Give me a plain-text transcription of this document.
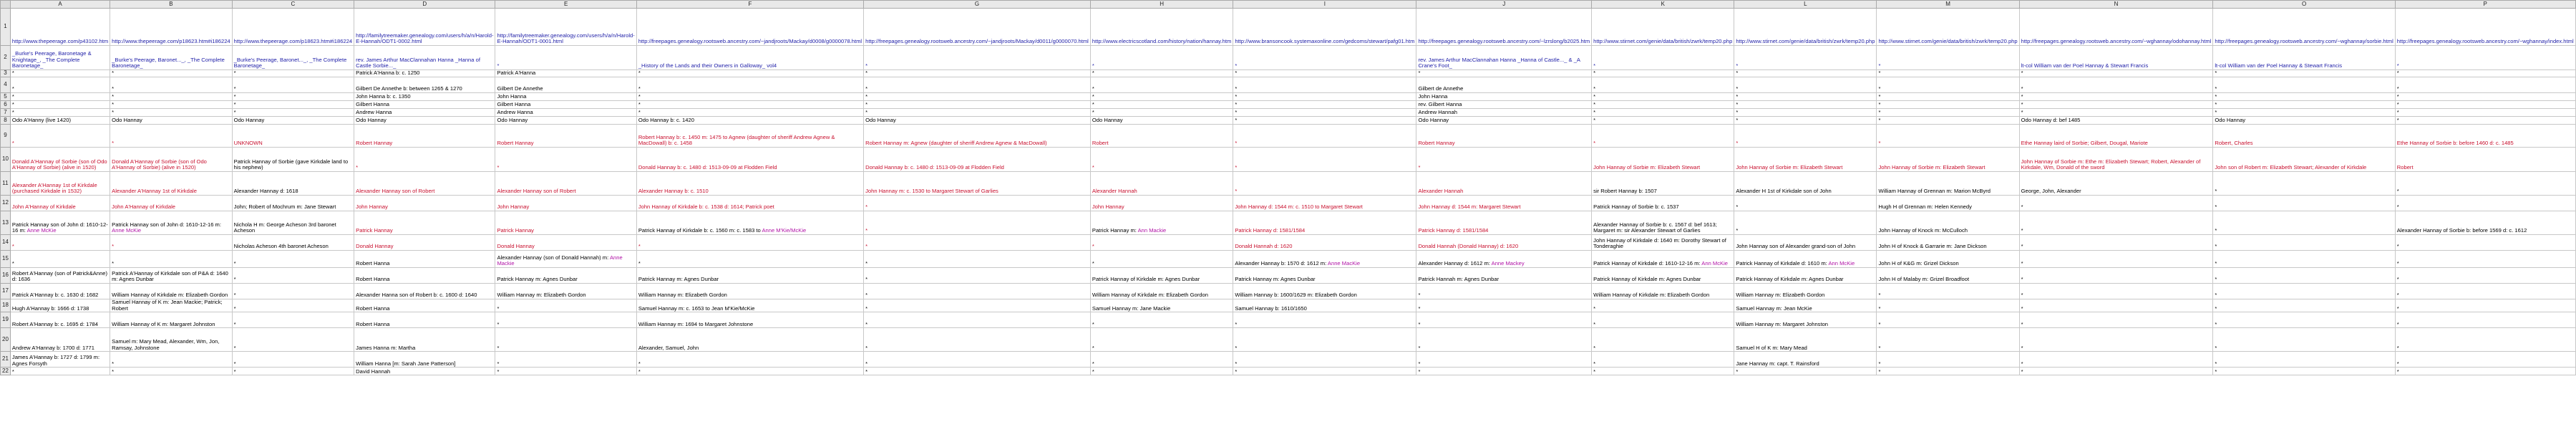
	A	B	C	D	E	F	G	H	I	J	K	L	M	N	O	P
1	http://www.thepeerage.com/p43102.htm	http://www.thepeerage.com/p18623.htm#i186224	http://www.thepeerage.com/p18623.htm#i186224	http://familytreemaker.genealogy.com/users/h/a/n/Harold-E-Hannah/ODT1-0002.html	http://familytreemaker.genealogy.com/users/h/a/n/Harold-E-Hannah/ODT1-0001.html	http://freepages.genealogy.rootsweb.ancestry.com/~jandjroots/Mackay/d0008/g0000078.html	http://freepages.genealogy.rootsweb.ancestry.com/~jandjroots/Mackay/d0011/g0000070.html	http://www.electricscotland.com/history/nation/hannay.htm	http://www.bransoncook.systemaxonline.com/gedcoms/stewart/pafg01.htm	http://freepages.genealogy.rootsweb.ancestry.com/~lzrslong/b2025.htm	http://www.stirnet.com/genie/data/british/zwrk/temp20.php	http://www.stirnet.com/genie/data/british/zwrk/temp20.php	http://www.stirnet.com/genie/data/british/zwrk/temp20.php	http://freepages.genealogy.rootsweb.ancestry.com/~wghannay/odohannay.html	http://freepages.genealogy.rootsweb.ancestry.com/~wghannay/sorbie.html	http://freepages.genealogy.rootsweb.ancestry.com/~wghannay/index.html

2	_Burke's Peerage, Baronetage & Knightage_, _The Complete Baronetage_	_Burke's Peerage, Baronet..._, _The Complete Baronetage_	_Burke's Peerage, Baronet..._, _The Complete Baronetage_	rev. James Arthur MacClannahan Hanna _Hanna of Castle Sorbie..._	*	_History of the Lands and their Owners in Galloway_ vol4	*	*	*	rev. James Arthur MacClannahan Hanna _Hanna of Castle..._ & _A Crane's Foot_	*	*	*	lt-col William van der Poel Hannay & Stewart Francis	lt-col William van der Poel Hannay & Stewart Francis	*

3	*	*	*	Patrick A'Hanna b: c. 1250	Patrick A'Hanna	*	*	*	*	*	*	*	*	*	*	*

4	*	*	*	Gilbert De Annethe b: between 1265 & 1270	Gilbert De Annethe	*	*	*	*	Gilbert de Annethe	*	*	*	*	*	*

5	*	*	*	John Hanna b: c. 1350	John Hanna	*	*	*	*	John Hanna	*	*	*	*	*	*

6	*	*	*	Gilbert Hanna	Gilbert Hanna	*	*	*	*	rev. Gilbert Hanna	*	*	*	*	*	*

7	*	*	*	Andrew Hanna	Andrew Hanna	*	*	*	*	Andrew Hannah	*	*	*	*	*	*

8	Odo A'Hanny (live 1420)	Odo Hannay	Odo Hannay	Odo Hannay	Odo Hannay	Odo Hannay b: c. 1420	Odo Hannay	Odo Hannay	*	Odo Hannay	*	*	*	Odo Hannay d: bef 1485	Odo Hannay	*

9	*	*	UNKNOWN	Robert Hannay	Robert Hannay	Robert Hannay b: c. 1450 m: 1475 to Agnew (daughter of sheriff Andrew Agnew & MacDowall) b: c. 1458	Robert Hannay m: Agnew (daughter of sheriff Andrew Agnew & MacDowall)	Robert	*	Robert Hannay	*	*	*	Ethe Hannay laird of Sorbie; Gilbert, Dougal, Mariote	Robert, Charles	Ethe Hannay of Sorbie b: before 1460 d: c. 1485

10	Donald A'Hannay of Sorbie (son of Odo A'Hannay of Sorbie) (alive in 1520)	Donald A'Hannay of Sorbie (son of Odo A'Hannay of Sorbie) (alive in 1520)	Patrick Hannay of Sorbie (gave Kirkdale land to his nephew)	*	*	Donald Hannay b: c. 1480 d: 1513-09-09 at Flodden Field	Donald Hannay b: c. 1480 d: 1513-09-09 at Flodden Field	*	*	*	John Hannay of Sorbie m: Elizabeth Stewart	John Hannay of Sorbie m: Elizabeth Stewart	John Hannay of Sorbie m: Elizabeth Stewart	John Hannay of Sorbie m: Ethe m: Elizabeth Stewart; Robert, Alexander of Kirkdale, Wm, Donald of the sword	John son of Robert m: Elizabeth Stewart; Alexander of Kirkdale	Robert

11	Alexander A'Hannay 1st of Kirkdale (purchased Kirkdale in 1532)	Alexander A'Hannay 1st of Kirkdale	Alexander Hannay d: 1618	Alexander Hannay son of Robert	Alexander Hannay son of Robert	Alexander Hannay b: c. 1510	John Hannay m: c. 1530 to Margaret Stewart of Garlies	Alexander Hannah	*	Alexander Hannah	sir Robert Hannay b: 1507	Alexander H 1st of Kirkdale son of John	William Hannay of Grennan m: Marion McByrd	George, John, Alexander	*	*

12	John A'Hannay of Kirkdale	John A'Hannay of Kirkdale	John; Robert of Mochrum m: Jane Stewart	John Hannay	John Hannay	John Hannay of Kirkdale b: c. 1538 d: 1614; Patrick poet	*	John Hannay	John Hannay d: 1544 m: c. 1510 to Margaret Stewart	John Hannay d: 1544 m: Margaret Stewart	Patrick Hannay of Sorbie b: c. 1537	*	Hugh H of Grennan m: Helen Kennedy	*	*	*

13	Patrick Hannay son of John d: 1610-12-16 m: Anne McKie	Patrick Hannay son of John d: 1610-12-16 m: Anne McKie	Nichola H m: George Acheson 3rd baronet Acheson	Patrick Hannay	Patrick Hannay	Patrick Hannay of Kirkdale b: c. 1560 m: c. 1583 to Anne M'Kie/McKie	*	Patrick Hannay m: Ann Mackie	Patrick Hannay d: 1581/1584	Patrick Hannay d: 1581/1584	Alexander Hannay of Sorbie b: c. 1567 d: bef 1613; Margaret m: sir Alexander Stewart of Garlies	*	John Hannay of Knock m: McCulloch	*	*	Alexander Hannay of Sorbie b: before 1569 d: c. 1612

14	*	*	Nicholas Acheson 4th baronet Acheson	Donald Hannay	Donald Hannay	*	*	*	Donald Hannah d: 1620	Donald Hannah (Donald Hannay) d: 1620	John Hannay of Kirkdale d: 1640 m: Dorothy Stewart of Tonderaghie	John Hannay son of Alexander grand-son of John	John H of Knock & Garrarie m: Jane Dickson	*	*	*

15	*	*	*	Robert Hanna	Alexander Hannay (son of Donald Hannah) m: Anne Mackie	*	*	*	Alexander Hannay b: 1570 d: 1612 m: Anne MacKie	Alexander Hannay d: 1612 m: Anne Mackey	Patrick Hannay of Kirkdale d: 1610-12-16 m: Ann McKie	Patrick Hannay of Kirkdale d: 1610 m: Ann McKie	John H of K&G m: Grizel Dickson	*	*	*

16	Robert A'Hannay (son of Patrick&Anne) d: 1636	Patrick A'Hannay of Kirkdale son of P&A d: 1640 m: Agnes Dunbar	*	Robert Hanna	Patrick Hannay m: Agnes Dunbar	Patrick Hannay m: Agnes Dunbar	*	Patrick Hannay of Kirkdale m: Agnes Dunbar	Patrick Hannay m: Agnes Dunbar	Patrick Hannah m: Agnes Dunbar	Patrick Hannay of Kirkdale m: Agnes Dunbar	Patrick Hannay of Kirkdale m: Agnes Dunbar	John H of Malaby m: Grizel Broadfoot	*	*	*

17	Patrick A'Hannay b: c. 1630 d: 1682	William Hannay of Kirkdale m: Elizabeth Gordon	*	Alexander Hanna son of Robert b: c. 1600 d: 1640	William Hannay m: Elizabeth Gordon	William Hannay m: Elizabeth Gordon	*	William Hannay of Kirkdale m: Elizabeth Gordon	William Hannay b: 1600/1629 m: Elizabeth Gordon	*	William Hannay of Kirkdale m: Elizabeth Gordon	William Hannay m: Elizabeth Gordon	*	*	*	*

18	Hugh A'Hannay b: 1666 d: 1738	Samuel Hannay of K m: Jean Mackie; Patrick; Robert	*	Robert Hanna	*	Samuel Hannay m: c. 1653 to Jean M'Kie/McKie	*	Samuel Hannay m: Jane Mackie	Samuel Hannay b: 1610/1650	*	*	Samuel Hannay m: Jean McKie	*	*	*	*

19	Robert A'Hannay b: c. 1695 d: 1784	William Hannay of K m: Margaret Johnston	*	Robert Hanna	*	William Hannay m: 1694 to Margaret Johnstone	*	*	*	*	*	William Hannay m: Margaret Johnston	*	*	*	*

20	Andrew A'Hannay b: 1700 d: 1771	Samuel m: Mary Mead, Alexander, Wm, Jon, Ramsay, Johnstone	*	James Hanna m: Martha	*	Alexander, Samuel, John	*	*	*	*	*	Samuel H of K m: Mary Mead	*	*	*	*

21	James A'Hannay b: 1727 d: 1799 m: Agnes Forsyth	*	*	William Hanna [m: Sarah Jane Patterson]	*	*	*	*	*	*	*	Jane Hannay m: capt. T. Rainsford	*	*	*	*

22	*	*	*	David Hannah	*	*	*	*	*	*	*	*	*	*	*	*
